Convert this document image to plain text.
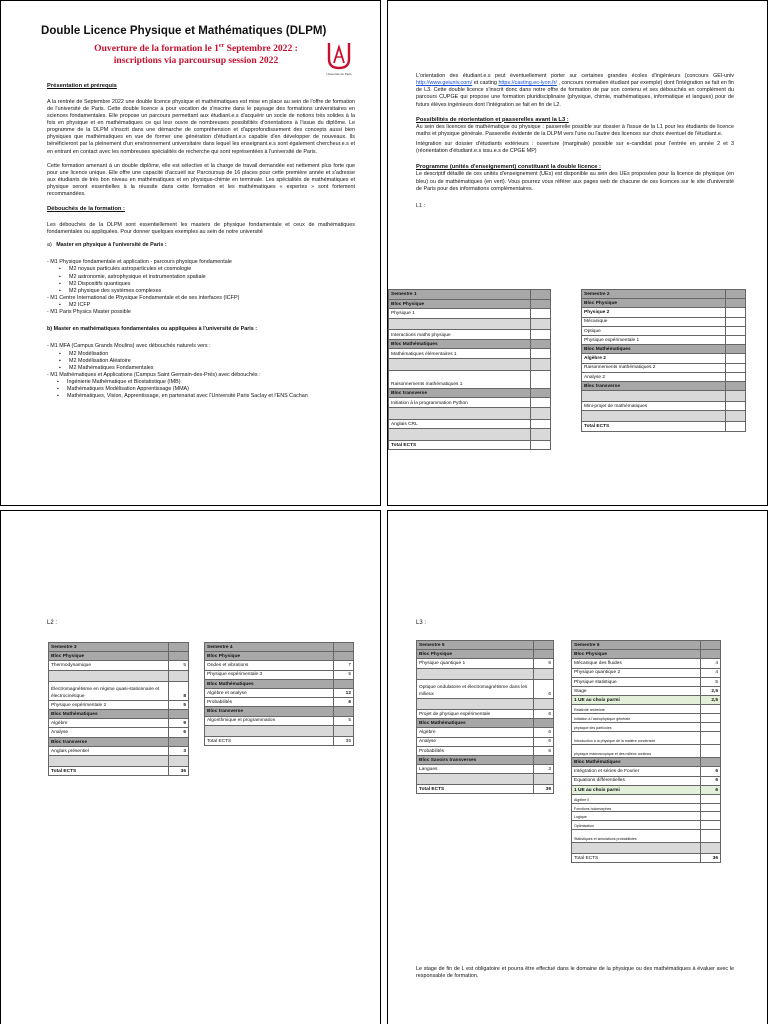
Double Licence Physique et Mathématiques (DLPM)
Ouverture de la formation le 1er Septembre 2022 :
inscriptions via parcoursup session 2022
Université de Paris
Présentation et prérequis
A la rentrée de Septembre 2022 une double licence physique et mathématiques est mise en place au sein de l'offre de formation de l'université de Paris. Cette double licence a pour vocation de s'inscrire dans le paysage des formations universitaires en sciences fondamentales. Elle propose un parcours permettant aux étudiant.e.s d'acquérir un socle de notions très solides à la fois en physique et en mathématiques ce qui leur ouvre de nombreuses possibilités d'orientations à l'issue du diplôme. Le programme de la DLPM s'inscrit dans une démarche de compréhension et d'approfondissement des concepts aussi bien physiques que mathématiques en vue de former une génération d'étudiant.e.s capable d'en développer de nouveaux. Ils bénéficieront par la pleinement d'un environnement universitaire dans lequel les enseignant.e.s sont également chercheur.e.s et en entrant en contact avec les nombreuses spécialités de recherche qui sont représentées à l'université de Paris.
Cette formation amenant à un double diplôme, elle est sélective et la charge de travail demandée est nettement plus forte que pour une licence unique. Elle offre une capacité d'accueil sur Parcoursup de 16 places pour cette première année et s'adresse aux étudiants de très bon niveau en mathématiques et en physique-chimie en terminale. Les spécialités de mathématiques et physique seront essentielles à la réussite dans cette formation et les mathématiques « expertes » sont fortement recommandées.
Débouchés de la formation :
Les débouchés de la DLPM sont essentiellement les masters de physique fondamentale et ceux de mathématiques fondamentales ou appliquées. Pour donner quelques exemples au sein de notre université
a) Master en physique à l'université de Paris :
- M1 Physique fondamentale et application - parcours physique fondamentale
▪ M2 noyaux particules astroparticules et cosmologie
▪ M2 astronomie, astrophysique et instrumentation spatiale
▪ M2 Dispositifs quantiques
▪ M2 physique des systèmes complexes
- M1 Centre International de Physique Fondamentale et de ses interfaces (ICFP)
▪ M2 ICFP
- M1 Paris Physics Master possible
b) Master en mathématiques fondamentales ou appliquées à l'université de Paris :
- M1 MFA (Campus Grands Moulins) avec débouchés naturels vers :
▪ M2 Modélisation
▪ M2 Modélisation Aléatoire
▪ M2 Mathématiques Fondamentales
- M1 Mathématiques et Applications (Campus Saint Germain-des-Prés) avec débouchés :
▪ Ingénierie Mathématique et Biostatistique (IMB)
▪ Mathématiques Modélisation Apprentissage (MMA)
▪ Mathématiques, Vision, Apprentissage, en partenariat avec l'Université Paris Saclay et l'ENS Cachan
L'orientation des étudiant.e.s peut éventuellement porter sur certaines grandes écoles d'ingénieurs (concours GEI-univ http://www.geiuniv.com/ et casting https://casting.ec-lyon.fr/ , concours normalien étudiant par exemple) dont l'intégration se fait en fin de L3. Cette double licence s'inscrit donc dans notre offre de formation de par son contenu et ses débouchés en complément du parcours CUPGE qui propose une formation pluridisciplinaire (physique, chimie, mathématiques, informatique et langues) pour de futurs élèves ingénieurs dont l'intégration se fait en fin de L2.
Possibilités de réorientation et passerelles avant la L3 :
Au sein des licences de mathématique ou physique : passerelle possible sur dossier à l'issue de la L1 pour les étudiants de licence maths et physique générale. Passerelle évidente de la DLPM vers l'une ou l'autre des licences sur choix éventuel de l'étudiant.e.
Intégration sur dossier d'étudiants extérieurs : ouverture (marginale) possible sur e-candidat pour l'entrée en année 2 et 3 (réorientation d'étudiant.e.s issu.e.s de CPGE MP)
Programme (unités d'enseignement) constituant la double licence :
Le descriptif détaillé de ces unités d'enseignement (UEs) est disponible au sein des UEs proposées pour la licence de physique (en bleu) ou de mathématiques (en vert). Vous pourrez vous référer aux pages web de chacune de ces licences sur le site d'université de Paris pour des informations complémentaires.
L1 :
Semestre 1	
Bloc Physique	
Physique 1	

Interactions maths physique	
Bloc Mathématiques	
Mathématiques élémentaires 1	

Raisonnements mathématiques 1	
Bloc transverse	
Initiation à la programmation Python	

Anglais CRL	

Total ECTS	
Semestre 2	
Bloc Physique	
Physique 2	
Mécanique	
Optique	
Physique expérimentale 1	
Bloc Mathématiques	
Algèbre 2	
Raisonnements mathématiques 2	
Analyse 2	
Bloc transverse	

Mini-projet de mathématiques	

Total ECTS	
L2 :
Semestre 3	
Bloc Physique	
Thermodynamique	5

Électromagnétisme en régime quasi-stationnaire et électrocinétique	8
Physique expérimentale 2	5
Bloc Mathématiques	
Algèbre	9
Analyse	6
Bloc transverse	
Anglais présentiel	3

Total ECTS	36
Semestre 4	
Bloc Physique	
Ondes et vibrations	7
Physique expérimentale 3	5
Bloc Mathématiques	
Algèbre et analyse	12
Probabilités	6
Bloc transverse	
Algorithmique et programmation	5

Total ECTS	35
L3 :
Semestre 5	
Bloc Physique	
Physique quantique 1	6

Optique ondulatoire et électromagnétisme dans les milieux	6

Projet de physique expérimentale	6
Bloc Mathématiques	
Algèbre	6
Analyse	6
Probabilités	6
Bloc Savoirs transverses	
Langues	3

Total ECTS	39
Semestre 6	
Bloc Physique	
Mécanique des fluides	4
Physique quantique 2	4
Physique statistique	5
Stage	2,5
1 UE au choix parmi	2,5
Relativité restreinte	
Initiation à l'astrophysique générale	
physique des particules	
Introduction à la physique de la matière condensée	
physique macroscopique et des milieux continus	
Bloc Mathématiques	
Intégration et séries de Fourier	6
Equations différentielles	6
1 UE au choix parmi	6
Algèbre II	
Fonctions holomorphes	
Logique	
Optimisation	
Statistiques et simulations probabilistes	

Total ECTS	36
Le stage de fin de L est obligatoire et pourra être effectué dans le domaine de la physique ou des mathématiques à évaluer avec le responsable de formation.
